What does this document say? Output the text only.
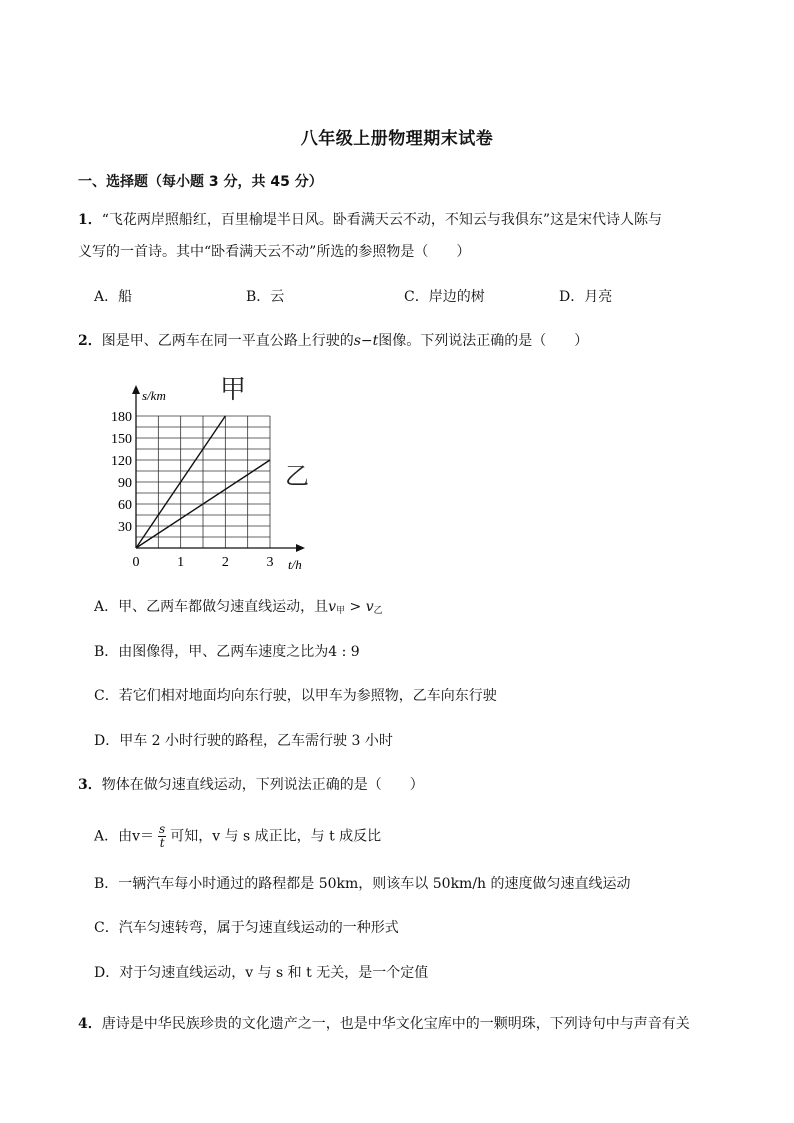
八年级上册物理期末试卷
一、选择题（每小题 3 分，共 45 分）
1．“飞花两岸照船红，百里榆堤半日风。卧看满天云不动，不知云与我俱东”这是宋代诗人陈与
义写的一首诗。其中“卧看满天云不动”所选的参照物是（　　）
A．船	B．云	C．岸边的树	D．月亮
2．图是甲、乙两车在同一平直公路上行驶的s−t图像。下列说法正确的是（　　）
0	1	2	3
30
60
90
120
150
180
s/km
t/h
甲
乙
A．甲、乙两车都做匀速直线运动，且$v_甲 > v_乙$
B．由图像得，甲、乙两车速度之比为4 : 9
C．若它们相对地面均向东行驶，以甲车为参照物，乙车向东行驶
D．甲车 2 小时行驶的路程，乙车需行驶 3 小时
3．物体在做匀速直线运动，下列说法正确的是（　　）
A．由$v= \frac{s}{t}$ 可知，v 与 s 成正比，与 t 成反比
B．一辆汽车每小时通过的路程都是 50km，则该车以 50km/h 的速度做匀速直线运动
C．汽车匀速转弯，属于匀速直线运动的一种形式
D．对于匀速直线运动，v 与 s 和 t 无关，是一个定值
4．唐诗是中华民族珍贵的文化遗产之一，也是中华文化宝库中的一颗明珠，下列诗句中与声音有关
